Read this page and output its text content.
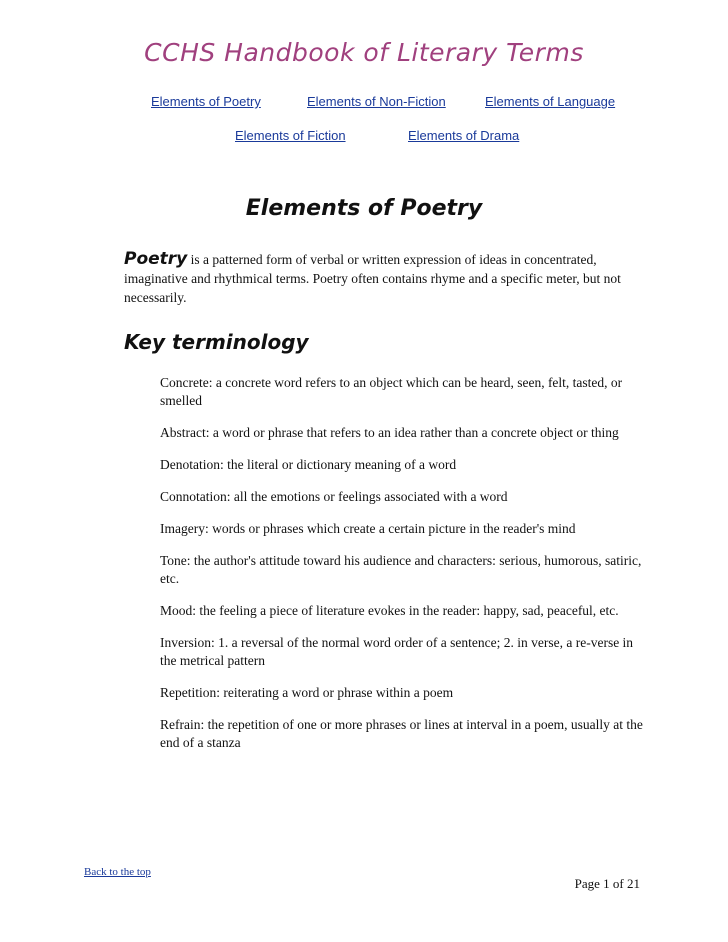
CCHS Handbook of Literary Terms
Elements of Poetry	Elements of Non-Fiction	Elements of Language
Elements of Fiction	Elements of Drama
Elements of Poetry
Poetry is a patterned form of verbal or written expression of ideas in concentrated, imaginative and rhythmical terms. Poetry often contains rhyme and a specific meter, but not necessarily.
Key terminology
Concrete: a concrete word refers to an object which can be heard, seen, felt, tasted, or smelled
Abstract: a word or phrase that refers to an idea rather than a concrete object or thing
Denotation: the literal or dictionary meaning of a word
Connotation: all the emotions or feelings associated with a word
Imagery: words or phrases which create a certain picture in the reader's mind
Tone: the author's attitude toward his audience and characters: serious, humorous, satiric, etc.
Mood: the feeling a piece of literature evokes in the reader: happy, sad, peaceful, etc.
Inversion: 1. a reversal of the normal word order of a sentence; 2. in verse, a re-verse in the metrical pattern
Repetition: reiterating a word or phrase within a poem
Refrain: the repetition of one or more phrases or lines at interval in a poem, usually at the end of a stanza
Back to the top
Page 1 of 21
